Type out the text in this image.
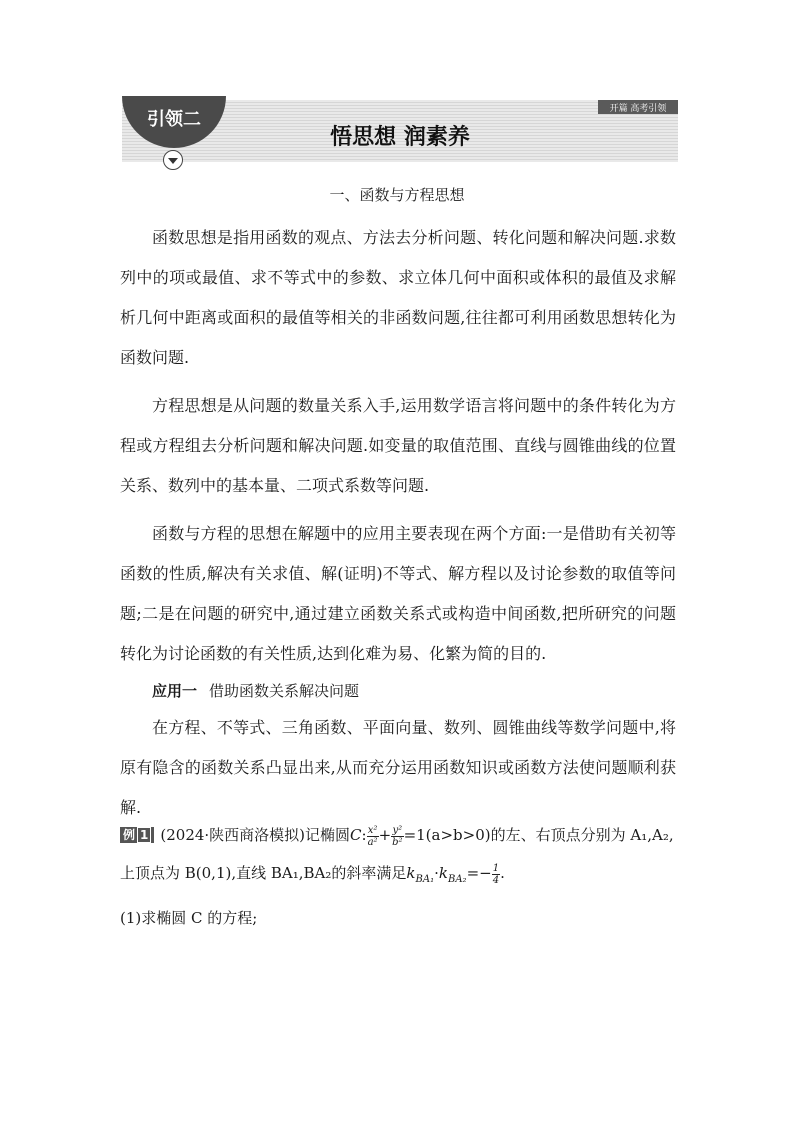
引领二
开篇 高考引领
悟思想 润素养
一、函数与方程思想

函数思想是指用函数的观点、方法去分析问题、转化问题和解决问题.求数列中的项或最值、求不等式中的参数、求立体几何中面积或体积的最值及求解析几何中距离或面积的最值等相关的非函数问题,往往都可利用函数思想转化为函数问题.

方程思想是从问题的数量关系入手,运用数学语言将问题中的条件转化为方程或方程组去分析问题和解决问题.如变量的取值范围、直线与圆锥曲线的位置关系、数列中的基本量、二项式系数等问题.

函数与方程的思想在解题中的应用主要表现在两个方面:一是借助有关初等函数的性质,解决有关求值、解(证明)不等式、解方程以及讨论参数的取值等问题;二是在问题的研究中,通过建立函数关系式或构造中间函数,把所研究的问题转化为讨论函数的有关性质,达到化难为易、化繁为简的目的.

应用一 借助函数关系解决问题

在方程、不等式、三角函数、平面向量、数列、圆锥曲线等数学问题中,将原有隐含的函数关系凸显出来,从而充分运用函数知识或函数方法使问题顺利获解.

例 1 (2024·陕西商洛模拟)记椭圆C: $\frac{\text{x²}}{\text{a²}} + \frac{\text{y²}}{\text{b²}} =1(a>b>0)$的左、右顶点分别为 A₁,A₂,

上顶点为 B(0,1),直线 BA₁,BA₂的斜率满足$k_{BA_1}\cdot k_{BA_2}=- \frac{1}{4}$ .

(1)求椭圆 C 的方程;
